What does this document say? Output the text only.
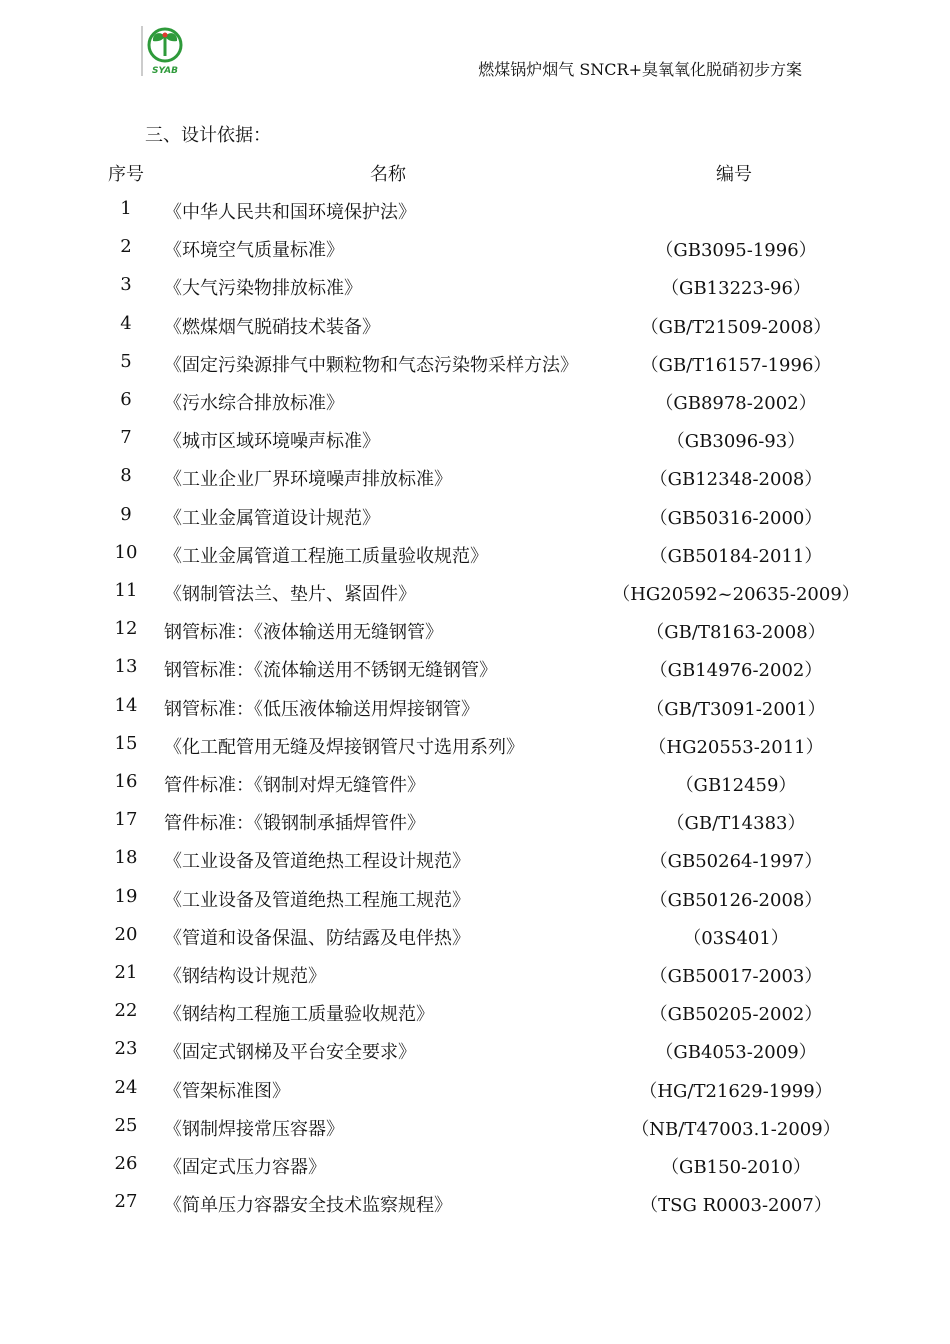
SYAB	燃煤锅炉烟气 SNCR+臭氧氧化脱硝初步方案
三、设计依据：
序号	名称	编号
1	《中华人民共和国环境保护法》
2	《环境空气质量标准》	（GB3095-1996）
3	《大气污染物排放标准》	（GB13223-96）
4	《燃煤烟气脱硝技术装备》	（GB/T21509-2008）
5	《固定污染源排气中颗粒物和气态污染物采样方法》	（GB/T16157-1996）
6	《污水综合排放标准》	（GB8978-2002）
7	《城市区域环境噪声标准》	（GB3096-93）
8	《工业企业厂界环境噪声排放标准》	（GB12348-2008）
9	《工业金属管道设计规范》	（GB50316-2000）
10	《工业金属管道工程施工质量验收规范》	（GB50184-2011）
11	《钢制管法兰、垫片、紧固件》	（HG20592~20635-2009）
12	钢管标准：《液体输送用无缝钢管》	（GB/T8163-2008）
13	钢管标准：《流体输送用不锈钢无缝钢管》	（GB14976-2002）
14	钢管标准：《低压液体输送用焊接钢管》	（GB/T3091-2001）
15	《化工配管用无缝及焊接钢管尺寸选用系列》	（HG20553-2011）
16	管件标准：《钢制对焊无缝管件》	（GB12459）
17	管件标准：《锻钢制承插焊管件》	（GB/T14383）
18	《工业设备及管道绝热工程设计规范》	（GB50264-1997）
19	《工业设备及管道绝热工程施工规范》	（GB50126-2008）
20	《管道和设备保温、防结露及电伴热》	（03S401）
21	《钢结构设计规范》	（GB50017-2003）
22	《钢结构工程施工质量验收规范》	（GB50205-2002）
23	《固定式钢梯及平台安全要求》	（GB4053-2009）
24	《管架标准图》	（HG/T21629-1999）
25	《钢制焊接常压容器》	（NB/T47003.1-2009）
26	《固定式压力容器》	（GB150-2010）
27	《简单压力容器安全技术监察规程》	（TSG R0003-2007）
